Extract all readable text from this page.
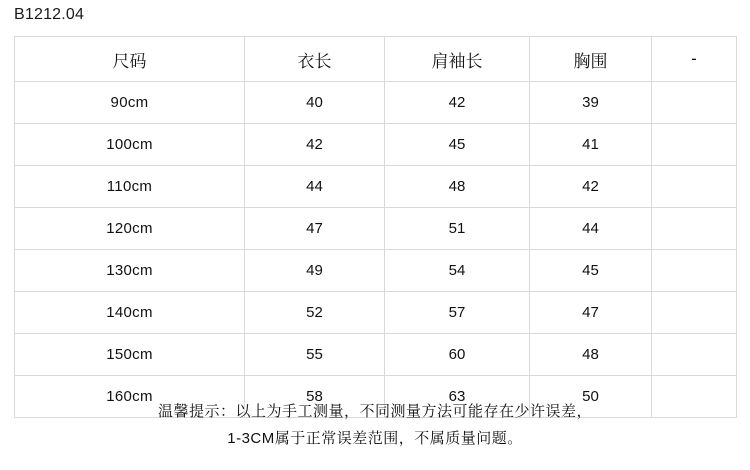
B1212.04
尺码	衣长	肩袖长	胸围	-
90cm	40	42	39	
100cm	42	45	41	
110cm	44	48	42	
120cm	47	51	44	
130cm	49	54	45	
140cm	52	57	47	
150cm	55	60	48	
160cm	58	63	50	
温馨提示：以上为手工测量，不同测量方法可能存在少许误差，
1-3CM属于正常误差范围，不属质量问题。
